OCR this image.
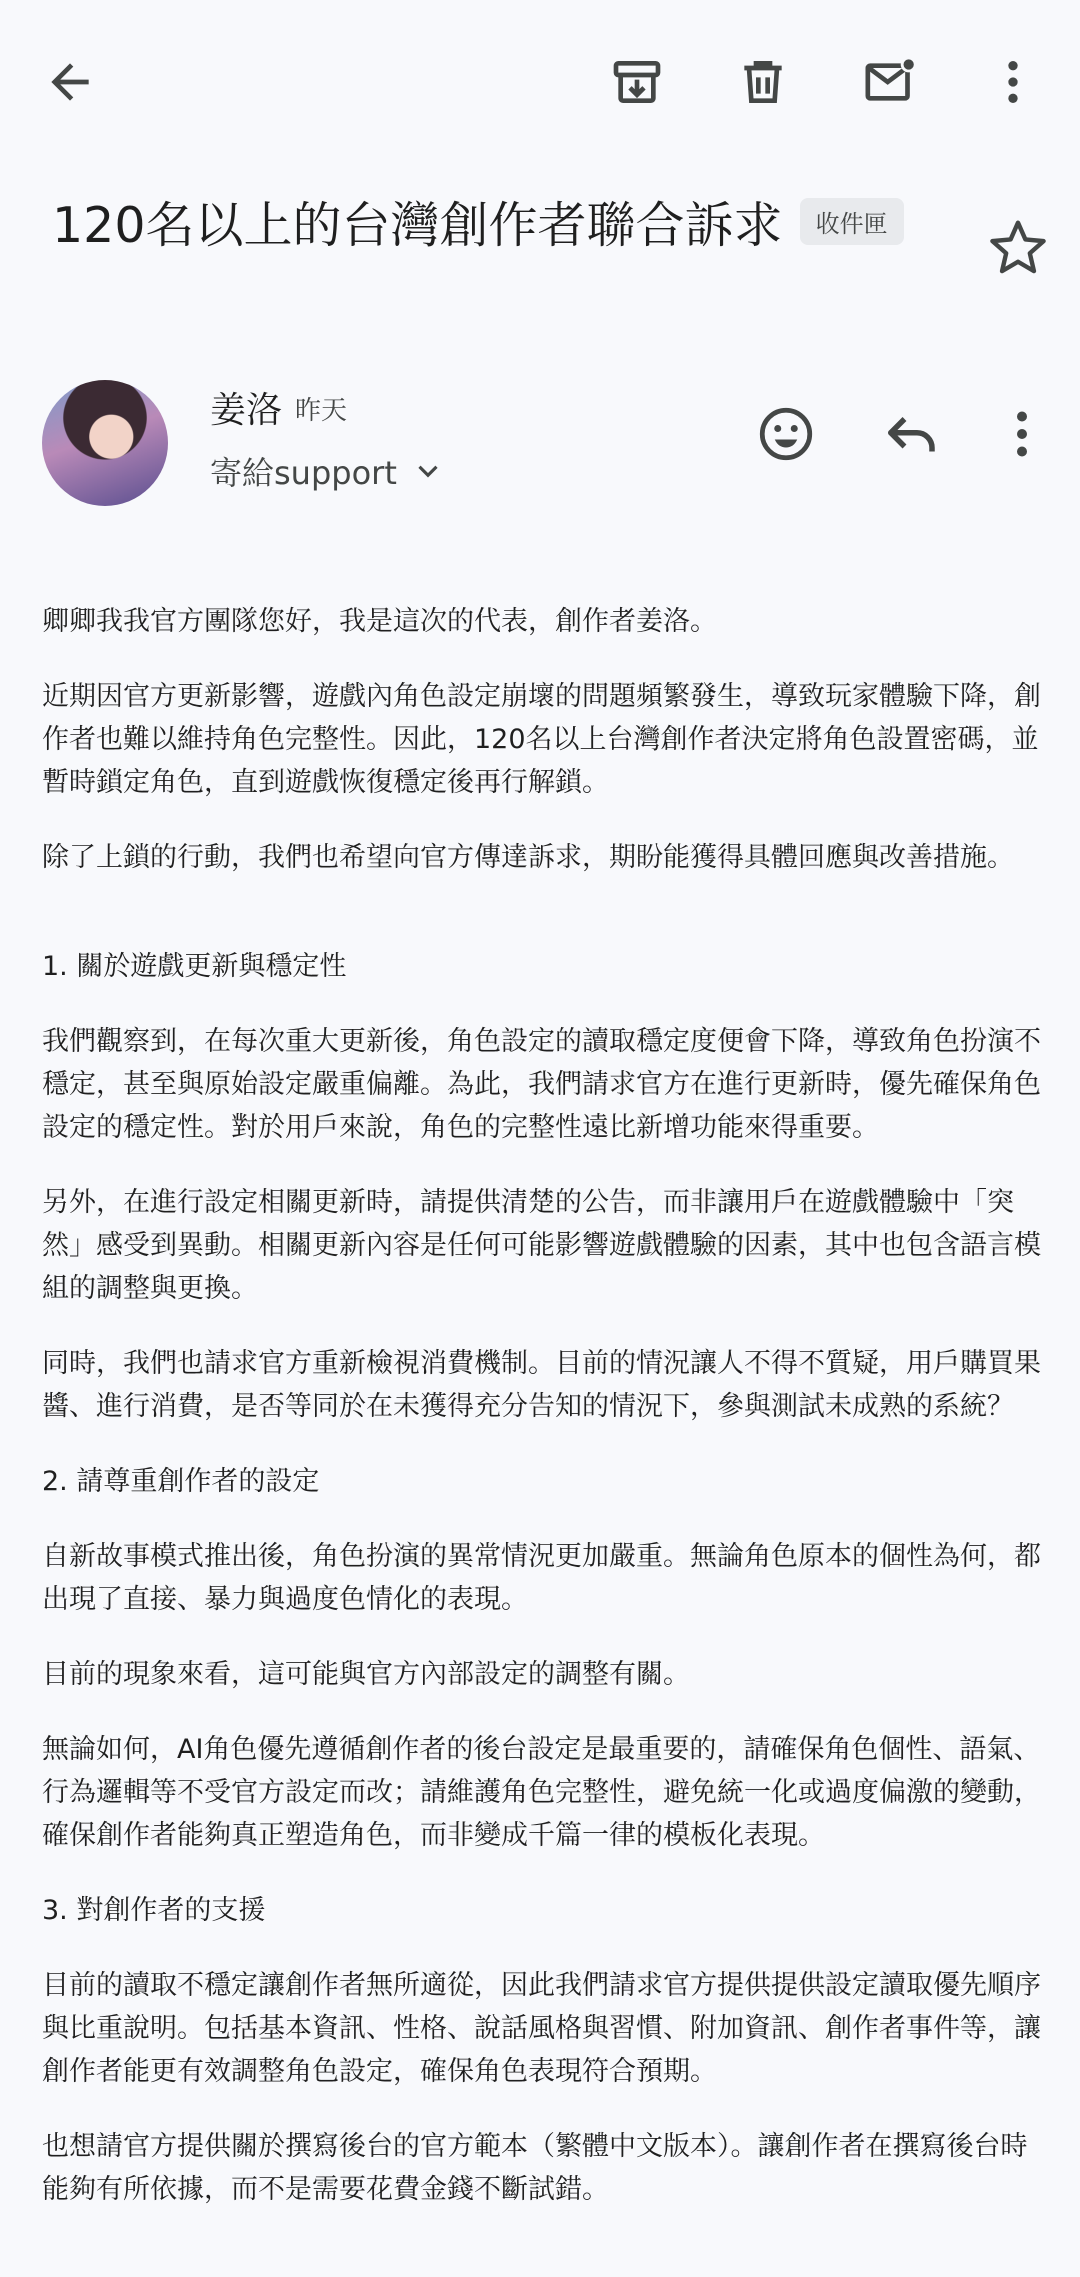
120名以上的台灣創作者聯合訴求 收件匣
姜洛 昨天
寄給support

卿卿我我官方團隊您好，我是這次的代表，創作者姜洛。

近期因官方更新影響，遊戲內角色設定崩壞的問題頻繁發生，導致玩家體驗下降，創作者也難以維持角色完整性。因此，120名以上台灣創作者決定將角色設置密碼，並暫時鎖定角色，直到遊戲恢復穩定後再行解鎖。

除了上鎖的行動，我們也希望向官方傳達訴求，期盼能獲得具體回應與改善措施。

1. 關於遊戲更新與穩定性

我們觀察到，在每次重大更新後，角色設定的讀取穩定度便會下降，導致角色扮演不穩定，甚至與原始設定嚴重偏離。為此，我們請求官方在進行更新時，優先確保角色設定的穩定性。對於用戶來說，角色的完整性遠比新增功能來得重要。

另外，在進行設定相關更新時，請提供清楚的公告，而非讓用戶在遊戲體驗中「突然」感受到異動。相關更新內容是任何可能影響遊戲體驗的因素，其中也包含語言模組的調整與更換。

同時，我們也請求官方重新檢視消費機制。目前的情況讓人不得不質疑，用戶購買果醬、進行消費，是否等同於在未獲得充分告知的情況下，參與測試未成熟的系統？

2. 請尊重創作者的設定

自新故事模式推出後，角色扮演的異常情況更加嚴重。無論角色原本的個性為何，都出現了直接、暴力與過度色情化的表現。

目前的現象來看，這可能與官方內部設定的調整有關。

無論如何，AI角色優先遵循創作者的後台設定是最重要的，請確保角色個性、語氣、行為邏輯等不受官方設定而改；請維護角色完整性，避免統一化或過度偏激的變動，確保創作者能夠真正塑造角色，而非變成千篇一律的模板化表現。

3. 對創作者的支援

目前的讀取不穩定讓創作者無所適從，因此我們請求官方提供提供設定讀取優先順序與比重說明。包括基本資訊、性格、說話風格與習慣、附加資訊、創作者事件等，讓創作者能更有效調整角色設定，確保角色表現符合預期。

也想請官方提供關於撰寫後台的官方範本（繁體中文版本）。讓創作者在撰寫後台時能夠有所依據，而不是需要花費金錢不斷試錯。
